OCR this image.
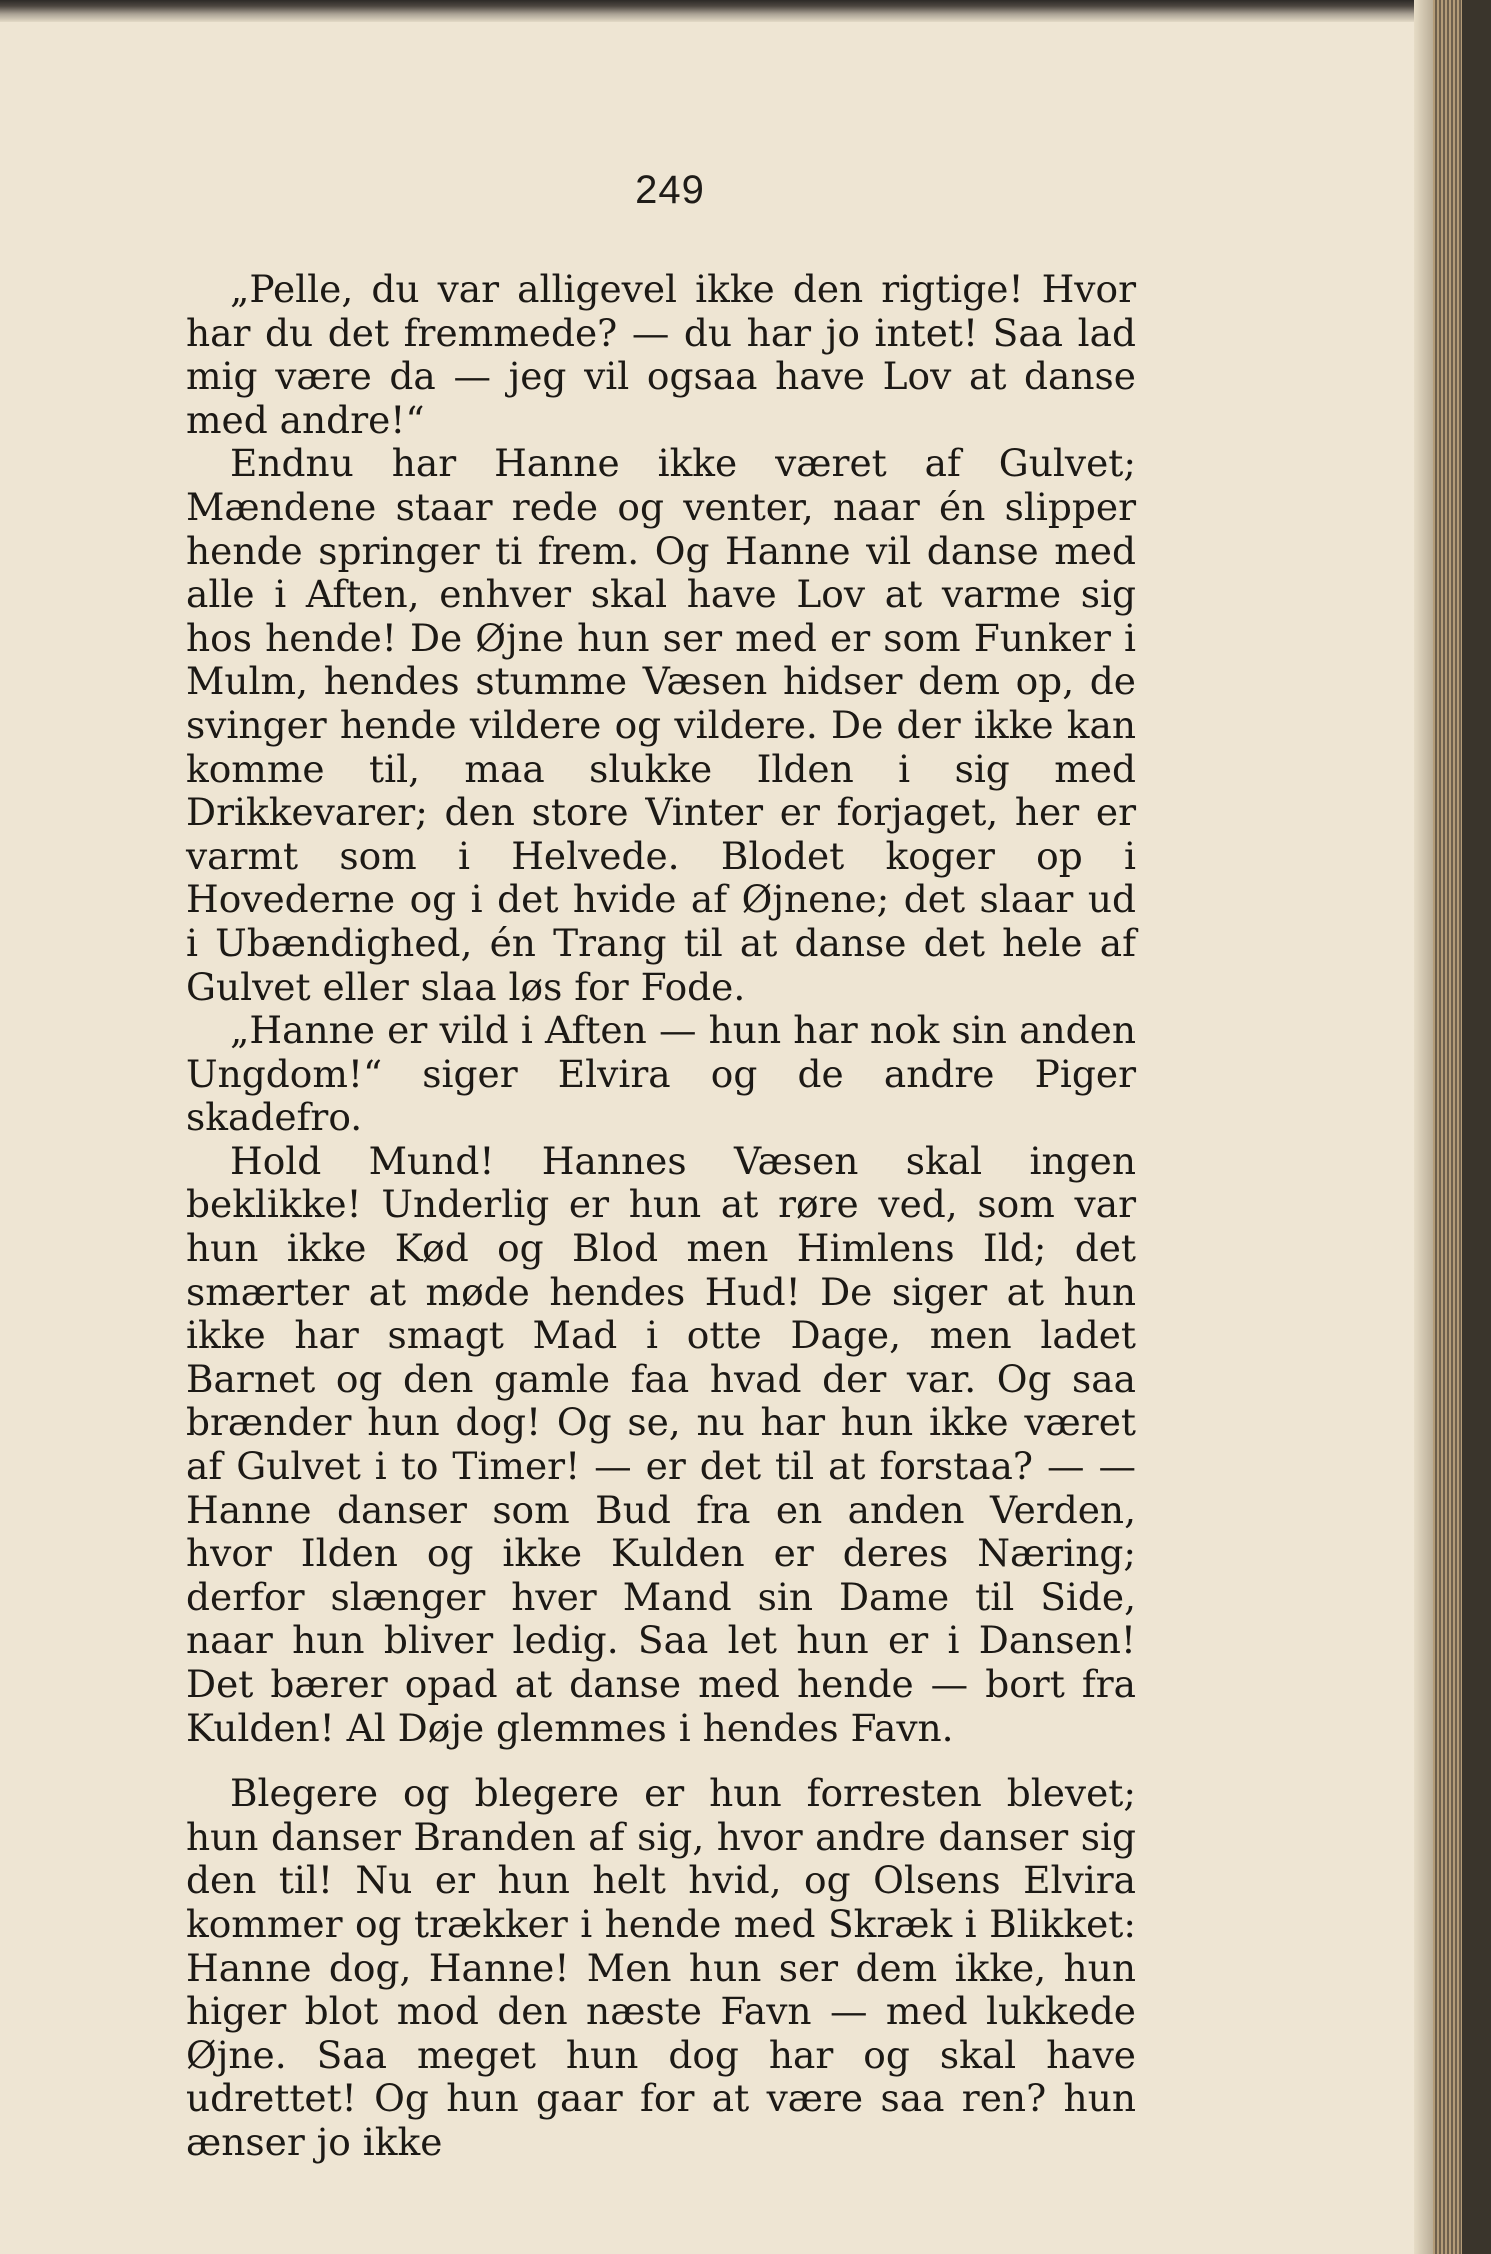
249

„Pelle, du var alligevel ikke den rigtige! Hvor har du det fremmede? — du har jo intet! Saa lad mig være da — jeg vil ogsaa have Lov at danse med andre!“

Endnu har Hanne ikke været af Gulvet; Mændene staar rede og venter, naar én slipper hende springer ti frem. Og Hanne vil danse med alle i Aften, enhver skal have Lov at varme sig hos hende! De Øjne hun ser med er som Funker i Mulm, hendes stumme Væsen hidser dem op, de svinger hende vildere og vildere. De der ikke kan komme til, maa slukke Ilden i sig med Drikkevarer; den store Vinter er forjaget, her er varmt som i Helvede. Blodet koger op i Hovederne og i det hvide af Øjnene; det slaar ud i Ubændighed, én Trang til at danse det hele af Gulvet eller slaa løs for Fode.

„Hanne er vild i Aften — hun har nok sin anden Ungdom!“ siger Elvira og de andre Piger skadefro.

Hold Mund! Hannes Væsen skal ingen beklikke! Underlig er hun at røre ved, som var hun ikke Kød og Blod men Himlens Ild; det smærter at møde hendes Hud! De siger at hun ikke har smagt Mad i otte Dage, men ladet Barnet og den gamle faa hvad der var. Og saa brænder hun dog! Og se, nu har hun ikke været af Gulvet i to Timer! — er det til at forstaa? — — Hanne danser som Bud fra en anden Verden, hvor Ilden og ikke Kulden er deres Næring; derfor slænger hver Mand sin Dame til Side, naar hun bliver ledig. Saa let hun er i Dansen! Det bærer opad at danse med hende — bort fra Kulden! Al Døje glemmes i hendes Favn.

Blegere og blegere er hun forresten blevet; hun danser Branden af sig, hvor andre danser sig den til! Nu er hun helt hvid, og Olsens Elvira kommer og trækker i hende med Skræk i Blikket: Hanne dog, Hanne! Men hun ser dem ikke, hun higer blot mod den næste Favn — med lukkede Øjne. Saa meget hun dog har og skal have udrettet! Og hun gaar for at være saa ren? hun ænser jo ikke
